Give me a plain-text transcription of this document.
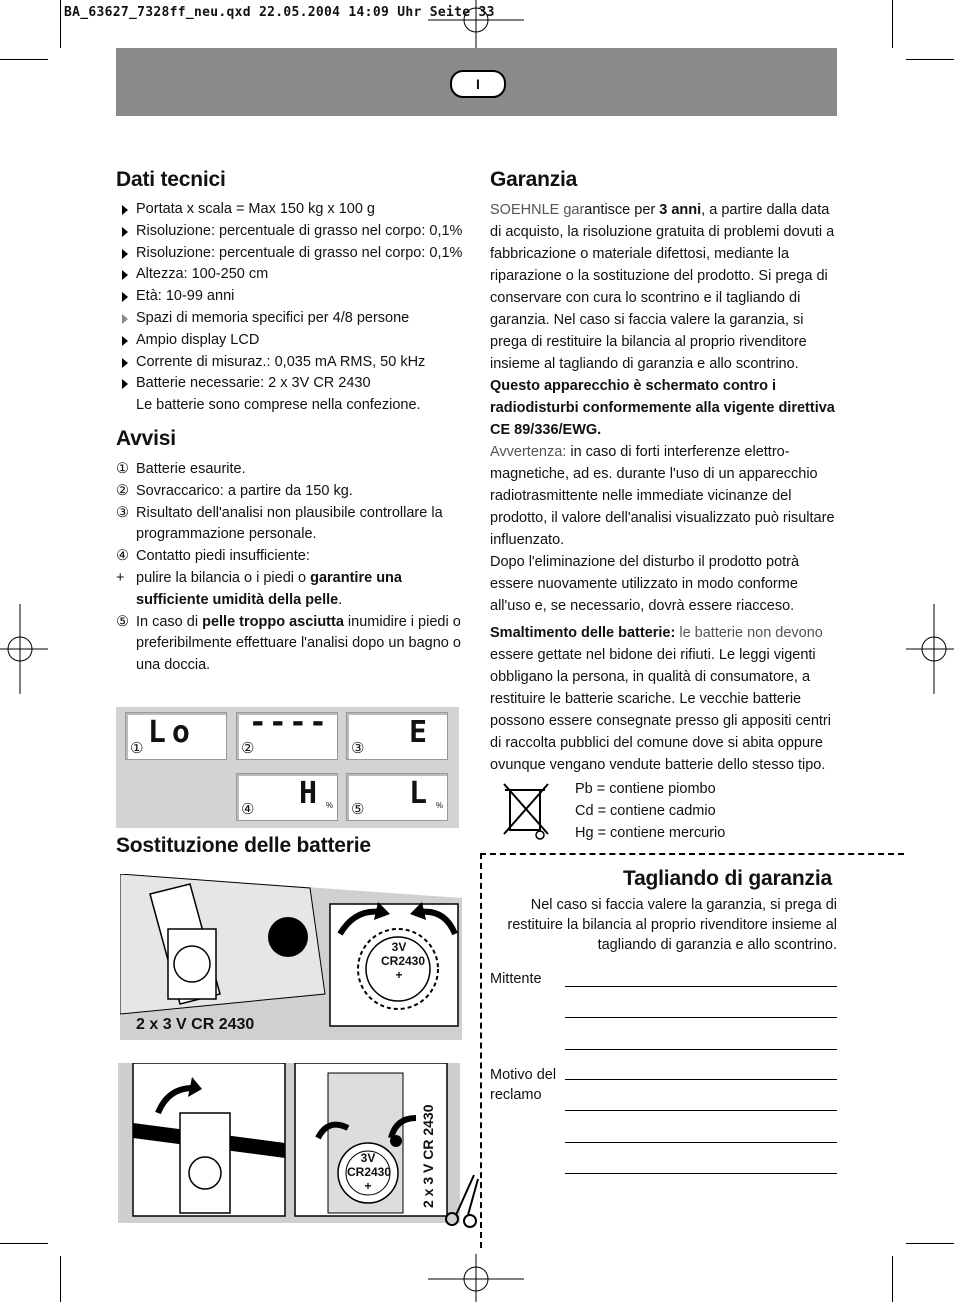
BA_63627_7328ff_neu.qxd 22.05.2004 14:09 Uhr Seite 33
I
Dati tecnici
Portata x scala = Max 150 kg x 100 g
Risoluzione: percentuale di grasso nel corpo: 0,1%
Risoluzione: percentuale di grasso nel corpo: 0,1%
Altezza: 100-250 cm
Età: 10-99 anni
Spazi di memoria specifici per 4/8 persone
Ampio display LCD
Corrente di misuraz.: 0,035 mA RMS, 50 kHz
Batterie necessarie: 2 x 3V CR 2430
Le batterie sono comprese nella confezione.
Avvisi
① Batterie esaurite.
② Sovraccarico: a partire da 150 kg.
③ Risultato dell'analisi non plausibile controllare la programmazione personale.
④ Contatto piedi insufficiente:
+ pulire la bilancia o i piedi o garantire una sufficiente umidità della pelle.
⑤ In caso di pelle troppo asciutta inumidire i piedi o preferibilmente effettuare l'analisi dopo un bagno o una doccia.
① Lo	②
----
③ E
④ H % ⑤ L %
Sostituzione delle batterie
3V
CR2430
+
2 x 3 V CR 2430
3V
CR2430
+	2 x 3 V CR 2430
Garanzia
SOEHNLE garantisce per 3 anni, a partire dalla data di acquisto, la risoluzione gratuita di problemi dovuti a fabbricazione o materiale difettosi, mediante la riparazione o la sostituzione del prodotto. Si prega di conservare con cura lo scontrino e il tagliando di garanzia. Nel caso si faccia valere la garanzia, si prega di restituire la bilancia al proprio rivenditore insieme al tagliando di garanzia e allo scontrino.
Questo apparecchio è schermato contro i radiodisturbi conformemente alla vigente direttiva CE 89/336/EWG.
Avvertenza: in caso di forti interferenze elettro-magnetiche, ad es. durante l'uso di un apparecchio radiotrasmittente nelle immediate vicinanze del prodotto, il valore dell'analisi visualizzato può risultare influenzato.
Dopo l'eliminazione del disturbo il prodotto potrà essere nuovamente utilizzato in modo conforme all'uso e, se necessario, dovrà essere riacceso.
Smaltimento delle batterie: le batterie non devono
essere gettate nel bidone dei rifiuti. Le leggi vigenti obbligano la persona, in qualità di consumatore, a restituire le batterie scariche. Le vecchie batterie possono essere consegnate presso gli appositi centri di raccolta pubblici del comune dove si abita oppure ovunque vengano vendute batterie dello stesso tipo.
Pb = contiene piombo
Cd = contiene cadmio
Hg = contiene mercurio
Tagliando di garanzia
Nel caso si faccia valere la garanzia, si prega di restituire la bilancia al proprio rivenditore insieme al tagliando di garanzia e allo scontrino.
Mittente
Motivo del reclamo
